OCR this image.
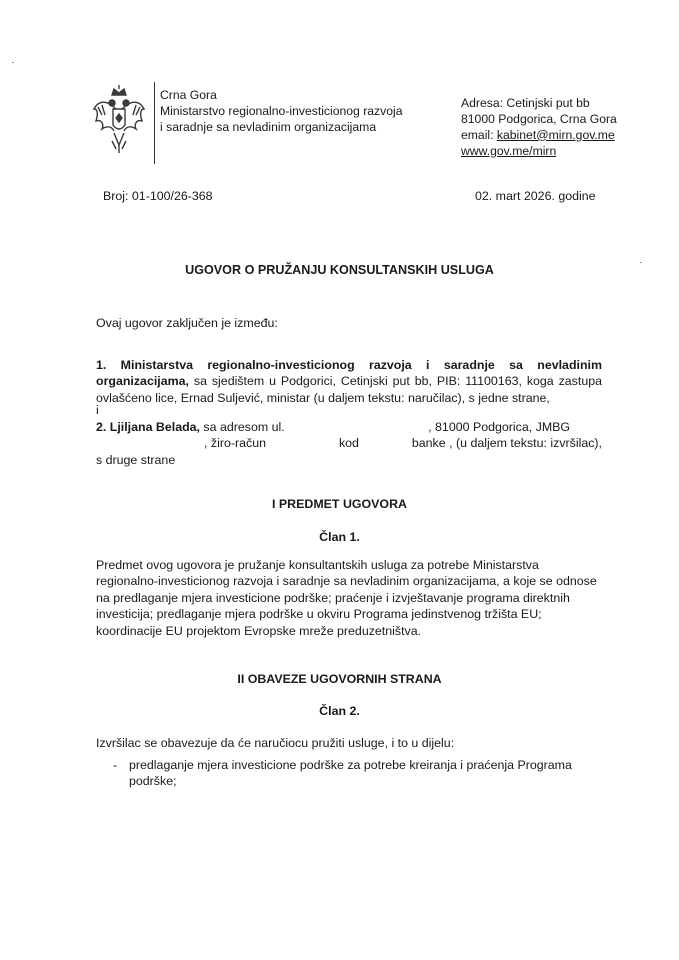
Crna Gora
Ministarstvo regionalno-investicionog razvoja
i saradnje sa nevladinim organizacijama
Adresa: Cetinjski put bb
81000 Podgorica, Crna Gora
email: kabinet@mirn.gov.me
www.gov.me/mirn
Broj: 01-100/26-368	02. mart 2026. godine
UGOVOR O PRUŽANJU KONSULTANSKIH USLUGA
Ovaj ugovor zaključen je između:
1. Ministarstva regionalno-investicionog razvoja i saradnje sa nevladinim organizacijama, sa sjedištem u Podgorici, Cetinjski put bb, PIB: 11100163, koga zastupa ovlašćeno lice, Ernad Suljević, ministar (u daljem tekstu: naručilac), s jedne strane,
i
2. Ljiljana Belada, sa adresom ul.	, 81000 Podgorica, JMBG
, žiro-račun	kod	banke , (u daljem tekstu: izvršilac), s druge strane
I PREDMET UGOVORA
Član 1.
Predmet ovog ugovora je pružanje konsultantskih usluga za potrebe Ministarstva regionalno-investicionog razvoja i saradnje sa nevladinim organizacijama, a koje se odnose na predlaganje mjera investicione podrške; praćenje i izvještavanje programa direktnih investicija; predlaganje mjera podrške u okviru Programa jedinstvenog tržišta EU; koordinacije EU projektom Evropske mreže preduzetništva.
II OBAVEZE UGOVORNIH STRANA
Član 2.
Izvršilac se obavezuje da će naručiocu pružiti usluge, i to u dijelu:
- predlaganje mjera investicione podrške za potrebe kreiranja i praćenja Programa podrške;
